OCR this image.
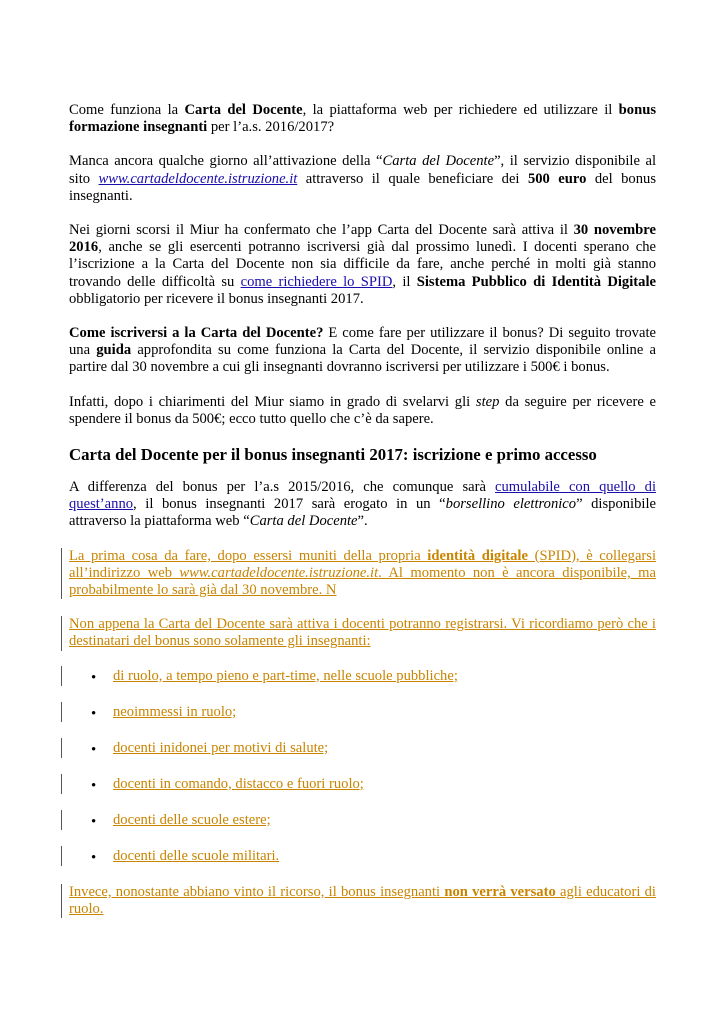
Come funziona la Carta del Docente, la piattaforma web per richiedere ed utilizzare il bonus formazione insegnanti per l’a.s. 2016/2017?

Manca ancora qualche giorno all’attivazione della “Carta del Docente”, il servizio disponibile al sito www.cartadeldocente.istruzione.it attraverso il quale beneficiare dei 500 euro del bonus insegnanti.

Nei giorni scorsi il Miur ha confermato che l’app Carta del Docente sarà attiva il 30 novembre 2016, anche se gli esercenti potranno iscriversi già dal prossimo lunedì. I docenti sperano che l’iscrizione a la Carta del Docente non sia difficile da fare, anche perché in molti già stanno trovando delle difficoltà su come richiedere lo SPID, il Sistema Pubblico di Identità Digitale obbligatorio per ricevere il bonus insegnanti 2017.

Come iscriversi a la Carta del Docente? E come fare per utilizzare il bonus? Di seguito trovate una guida approfondita su come funziona la Carta del Docente, il servizio disponibile online a partire dal 30 novembre a cui gli insegnanti dovranno iscriversi per utilizzare i 500€ i bonus.

Infatti, dopo i chiarimenti del Miur siamo in grado di svelarvi gli step da seguire per ricevere e spendere il bonus da 500€; ecco tutto quello che c’è da sapere.

Carta del Docente per il bonus insegnanti 2017: iscrizione e primo accesso

A differenza del bonus per l’a.s 2015/2016, che comunque sarà cumulabile con quello di quest’anno, il bonus insegnanti 2017 sarà erogato in un “borsellino elettronico” disponibile attraverso la piattaforma web “Carta del Docente”.

La prima cosa da fare, dopo essersi muniti della propria identità digitale (SPID), è collegarsi all’indirizzo web www.cartadeldocente.istruzione.it. Al momento non è ancora disponibile, ma probabilmente lo sarà già dal 30 novembre. N

Non appena la Carta del Docente sarà attiva i docenti potranno registrarsi. Vi ricordiamo però che i destinatari del bonus sono solamente gli insegnanti:

• di ruolo, a tempo pieno e part-time, nelle scuole pubbliche;
• neoimmessi in ruolo;
• docenti inidonei per motivi di salute;
• docenti in comando, distacco e fuori ruolo;
• docenti delle scuole estere;
• docenti delle scuole militari.

Invece, nonostante abbiano vinto il ricorso, il bonus insegnanti non verrà versato agli educatori di ruolo.
